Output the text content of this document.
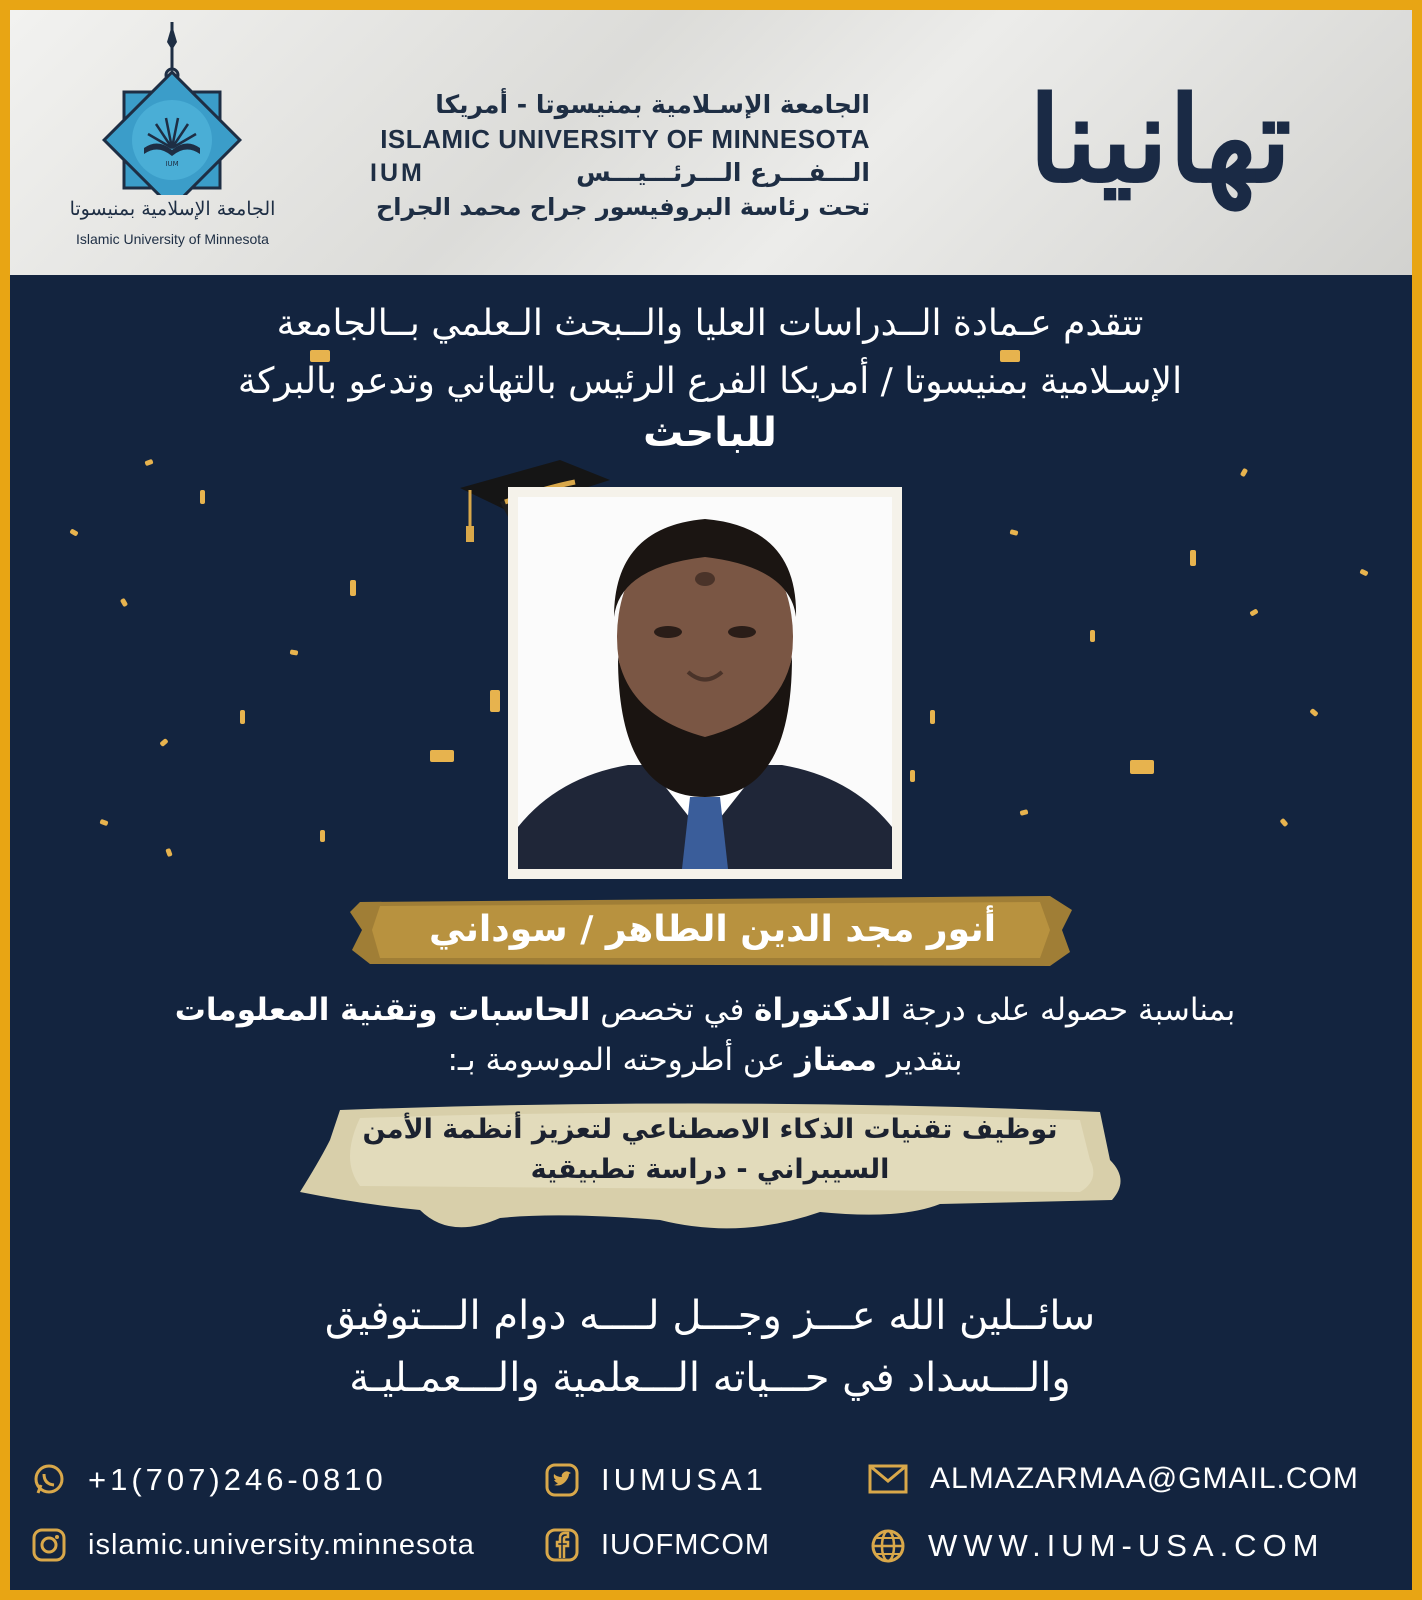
IUM
الجامعة الإسلامية بمنيسوتا
Islamic University of Minnesota
الجامعة الإسـلامية بمنيسوتا - أمريكا
ISLAMIC UNIVERSITY OF MINNESOTA
الـــفـــرع الـــرئـــيـــس
IUM
تحت رئاسة البروفيسور جراح محمد الجراح	تهانينا
تتقدم عـمادة الــدراسات العليا والــبحث الـعلمي بــالجامعة
الإسـلامية بمنيسوتا / أمريكا الفرع الرئيس بالتهاني وتدعو بالبركة
للباحث
أنور مجد الدين الطاهر / سوداني
بمناسبة حصوله على درجة الدكتوراة في تخصص الحاسبات وتقنية المعلومات
بتقدير ممتاز عن أطروحته الموسومة بـ:
توظيف تقنيات الذكاء الاصطناعي لتعزيز أنظمة الأمن
السيبراني - دراسة تطبيقية
سائــلين الله عـــز وجـــل لــــه دوام الـــتوفيق
والـــسداد في حـــياته الـــعلمية والـــعمـليـة
+1(707)246-0810	IUMUSA1	ALMAZARMAA@GMAIL.COM
islamic.university.minnesota	IUOFMCOM	WWW.IUM-USA.COM
